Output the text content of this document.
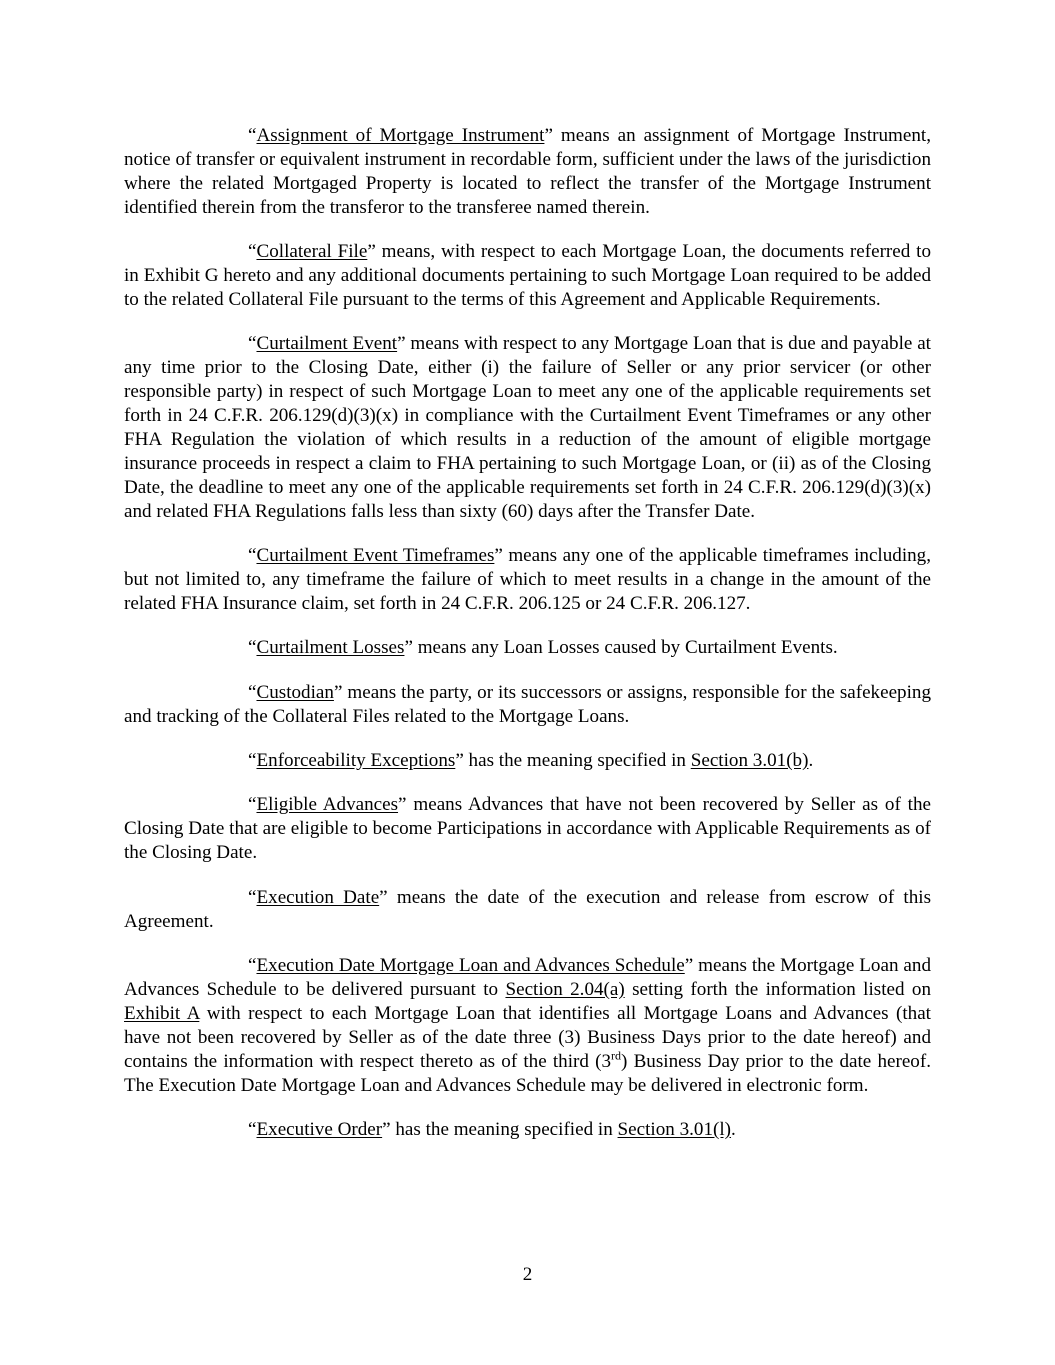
“Assignment of Mortgage Instrument” means an assignment of Mortgage Instrument, notice of transfer or equivalent instrument in recordable form, sufficient under the laws of the jurisdiction where the related Mortgaged Property is located to reflect the transfer of the Mortgage Instrument identified therein from the transferor to the transferee named therein.

“Collateral File” means, with respect to each Mortgage Loan, the documents referred to in Exhibit G hereto and any additional documents pertaining to such Mortgage Loan required to be added to the related Collateral File pursuant to the terms of this Agreement and Applicable Requirements.

“Curtailment Event” means with respect to any Mortgage Loan that is due and payable at any time prior to the Closing Date, either (i) the failure of Seller or any prior servicer (or other responsible party) in respect of such Mortgage Loan to meet any one of the applicable requirements set forth in 24 C.F.R. 206.129(d)(3)(x) in compliance with the Curtailment Event Timeframes or any other FHA Regulation the violation of which results in a reduction of the amount of eligible mortgage insurance proceeds in respect a claim to FHA pertaining to such Mortgage Loan, or (ii) as of the Closing Date, the deadline to meet any one of the applicable requirements set forth in 24 C.F.R. 206.129(d)(3)(x) and related FHA Regulations falls less than sixty (60) days after the Transfer Date.

“Curtailment Event Timeframes” means any one of the applicable timeframes including, but not limited to, any timeframe the failure of which to meet results in a change in the amount of the related FHA Insurance claim, set forth in 24 C.F.R. 206.125 or 24 C.F.R. 206.127.

“Curtailment Losses” means any Loan Losses caused by Curtailment Events.

“Custodian” means the party, or its successors or assigns, responsible for the safekeeping and tracking of the Collateral Files related to the Mortgage Loans.

“Enforceability Exceptions” has the meaning specified in Section 3.01(b).

“Eligible Advances” means Advances that have not been recovered by Seller as of the Closing Date that are eligible to become Participations in accordance with Applicable Requirements as of the Closing Date.

“Execution Date” means the date of the execution and release from escrow of this Agreement.

“Execution Date Mortgage Loan and Advances Schedule” means the Mortgage Loan and Advances Schedule to be delivered pursuant to Section 2.04(a) setting forth the information listed on Exhibit A with respect to each Mortgage Loan that identifies all Mortgage Loans and Advances (that have not been recovered by Seller as of the date three (3) Business Days prior to the date hereof) and contains the information with respect thereto as of the third (3rd) Business Day prior to the date hereof. The Execution Date Mortgage Loan and Advances Schedule may be delivered in electronic form.

“Executive Order” has the meaning specified in Section 3.01(l).

2
